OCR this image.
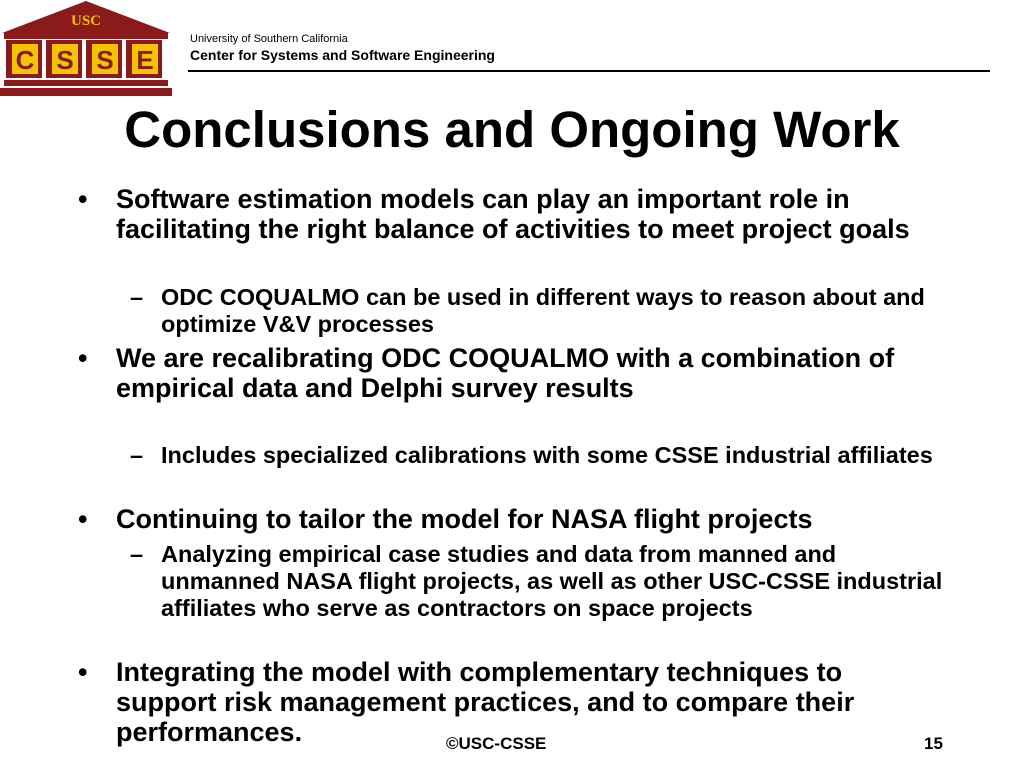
USC
C S S E
University of Southern California
Center for Systems and Software Engineering
Conclusions and Ongoing Work
• Software estimation models can play an important role in facilitating the right balance of activities to meet project goals
– ODC COQUALMO can be used in different ways to reason about and optimize V&V processes
• We are recalibrating ODC COQUALMO with a combination of empirical data and Delphi survey results
– Includes specialized calibrations with some CSSE industrial affiliates
• Continuing to tailor the model for NASA flight projects
– Analyzing empirical case studies and data from manned and unmanned NASA flight projects, as well as other USC-CSSE industrial affiliates who serve as contractors on space projects
• Integrating the model with complementary techniques to support risk management practices, and to compare their performances.	©USC-CSSE	15
